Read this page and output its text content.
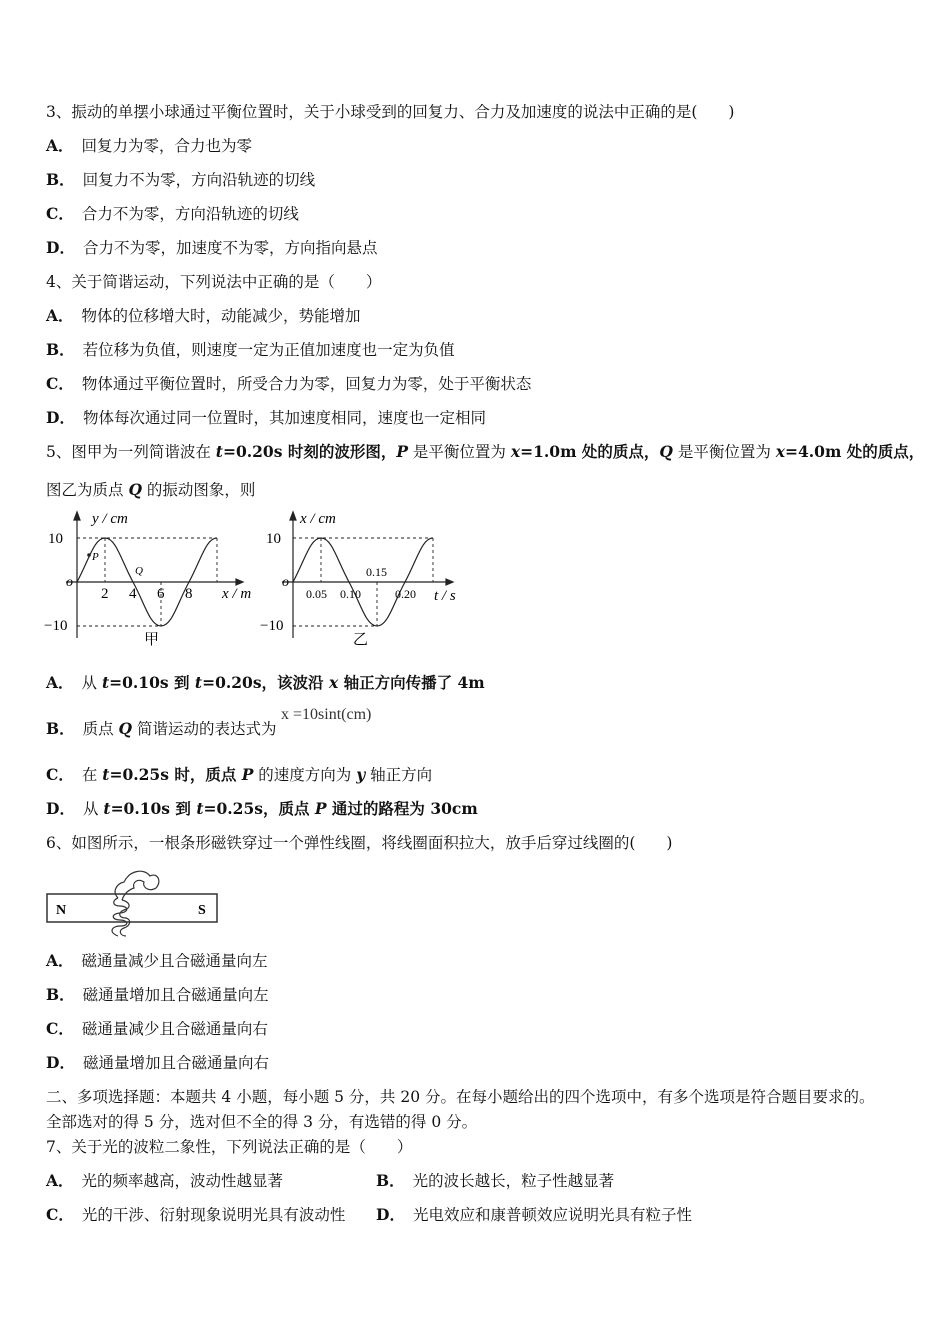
3、振动的单摆小球通过平衡位置时，关于小球受到的回复力、合力及加速度的说法中正确的是(　　)
A． 回复力为零，合力也为零
B． 回复力不为零，方向沿轨迹的切线
C． 合力不为零，方向沿轨迹的切线
D． 合力不为零，加速度不为零，方向指向悬点
4、关于简谐运动，下列说法中正确的是（　　）
A． 物体的位移增大时，动能减少，势能增加
B． 若位移为负值，则速度一定为正值加速度也一定为负值
C． 物体通过平衡位置时，所受合力为零，回复力为零，处于平衡状态
D． 物体每次通过同一位置时，其加速度相同，速度也一定相同
5、图甲为一列简谐波在 t=0.20s 时刻的波形图，P 是平衡位置为 x=1.0m 处的质点，Q 是平衡位置为 x=4.0m 处的质点，
图乙为质点 Q 的振动图象，则
y / cm
10
−10
o
P
Q
2 4 6 8 x / m
甲
x / cm
10
−10
o
0.05 0.10
0.15
0.20 t / s
乙
A． 从 t=0.10s 到 t=0.20s，该波沿 x 轴正方向传播了 4m
B． 质点 Q 简谐运动的表达式为
x =10sint(cm)
C． 在 t=0.25s 时，质点 P 的速度方向为 y 轴正方向
D． 从 t=0.10s 到 t=0.25s，质点 P 通过的路程为 30cm
6、如图所示，一根条形磁铁穿过一个弹性线圈，将线圈面积拉大，放手后穿过线圈的(　　)
N	S
A． 磁通量减少且合磁通量向左
B． 磁通量增加且合磁通量向左
C． 磁通量减少且合磁通量向右
D． 磁通量增加且合磁通量向右
二、多项选择题：本题共 4 小题，每小题 5 分，共 20 分。在每小题给出的四个选项中，有多个选项是符合题目要求的。
全部选对的得 5 分，选对但不全的得 3 分，有选错的得 0 分。
7、关于光的波粒二象性，下列说法正确的是（　　）
A． 光的频率越高，波动性越显著	B． 光的波长越长，粒子性越显著
C． 光的干涉、衍射现象说明光具有波动性 D． 光电效应和康普顿效应说明光具有粒子性
